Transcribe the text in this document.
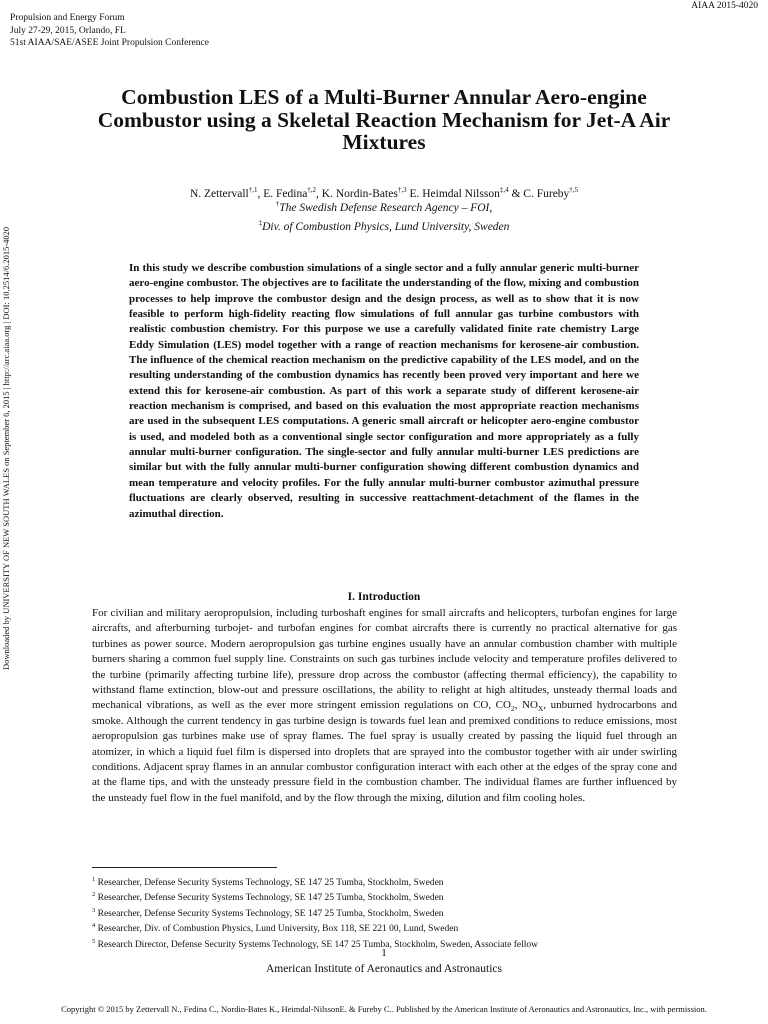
Propulsion and Energy Forum
July 27-29, 2015, Orlando, FL
51st AIAA/SAE/ASEE Joint Propulsion Conference
AIAA 2015-4020
Downloaded by UNIVERSITY OF NEW SOUTH WALES on September 6, 2015 | http://arc.aiaa.org | DOI: 10.2514/6.2015-4020
Combustion LES of a Multi-Burner Annular Aero-engine Combustor using a Skeletal Reaction Mechanism for Jet-A Air Mixtures
N. Zettervall$^{\dagger,1}$, E. Fedina$^{\dagger,2}$, K. Nordin-Bates$^{\dagger,3}$ E. Heimdal Nilsson$^{\ddagger,4}$ & C. Fureby$^{\dagger,5}$
†The Swedish Defense Research Agency – FOI,
‡Div. of Combustion Physics, Lund University, Sweden
In this study we describe combustion simulations of a single sector and a fully annular generic multi-burner aero-engine combustor. The objectives are to facilitate the understanding of the flow, mixing and combustion processes to help improve the combustor design and the design process, as well as to show that it is now feasible to perform high-fidelity reacting flow simulations of full annular gas turbine combustors with realistic combustion chemistry. For this purpose we use a carefully validated finite rate chemistry Large Eddy Simulation (LES) model together with a range of reaction mechanisms for kerosene-air combustion. The influence of the chemical reaction mechanism on the predictive capability of the LES model, and on the resulting understanding of the combustion dynamics has recently been proved very important and here we extend this for kerosene-air combustion. As part of this work a separate study of different kerosene-air reaction mechanism is comprised, and based on this evaluation the most appropriate reaction mechanisms are used in the subsequent LES computations. A generic small aircraft or helicopter aero-engine combustor is used, and modeled both as a conventional single sector configuration and more appropriately as a fully annular multi-burner configuration. The single-sector and fully annular multi-burner LES predictions are similar but with the fully annular multi-burner configuration showing different combustion dynamics and mean temperature and velocity profiles. For the fully annular multi-burner combustor azimuthal pressure fluctuations are clearly observed, resulting in successive reattachment-detachment of the flames in the azimuthal direction.
I. Introduction
For civilian and military aeropropulsion, including turboshaft engines for small aircrafts and helicopters, turbofan engines for large aircrafts, and afterburning turbojet- and turbofan engines for combat aircrafts there is currently no practical alternative for gas turbines as power source. Modern aeropropulsion gas turbine engines usually have an annular combustion chamber with multiple burners sharing a common fuel supply line. Constraints on such gas turbines include velocity and temperature profiles delivered to the turbine (primarily affecting turbine life), pressure drop across the combustor (affecting thermal efficiency), the capability to withstand flame extinction, blow-out and pressure oscillations, the ability to relight at high altitudes, unsteady thermal loads and mechanical vibrations, as well as the ever more stringent emission regulations on CO, $CO_2$, $NO_X$, unburned hydrocarbons and smoke. Although the current tendency in gas turbine design is towards fuel lean and premixed conditions to reduce emissions, most aeropropulsion gas turbines make use of spray flames. The fuel spray is usually created by passing the liquid fuel through an atomizer, in which a liquid fuel film is dispersed into droplets that are sprayed into the combustor together with air under swirling conditions. Adjacent spray flames in an annular combustor configuration interact with each other at the edges of the spray cone and at the flame tips, and with the unsteady pressure field in the combustion chamber. The individual flames are further influenced by the unsteady fuel flow in the fuel manifold, and by the flow through the mixing, dilution and film cooling holes.
$^1$ Researcher, Defense Security Systems Technology, SE 147 25 Tumba, Stockholm, Sweden
$^2$ Researcher, Defense Security Systems Technology, SE 147 25 Tumba, Stockholm, Sweden
$^3$ Researcher, Defense Security Systems Technology, SE 147 25 Tumba, Stockholm, Sweden
$^4$ Researcher, Div. of Combustion Physics, Lund University, Box 118, SE 221 00, Lund, Sweden
$^5$ Research Director, Defense Security Systems Technology, SE 147 25 Tumba, Stockholm, Sweden, Associate fellow
1
American Institute of Aeronautics and Astronautics
Copyright © 2015 by Zettervall N., Fedina C., Nordin-Bates K., Heimdal-NilssonE. & Fureby C.. Published by the American Institute of Aeronautics and Astronautics, Inc., with permission.
